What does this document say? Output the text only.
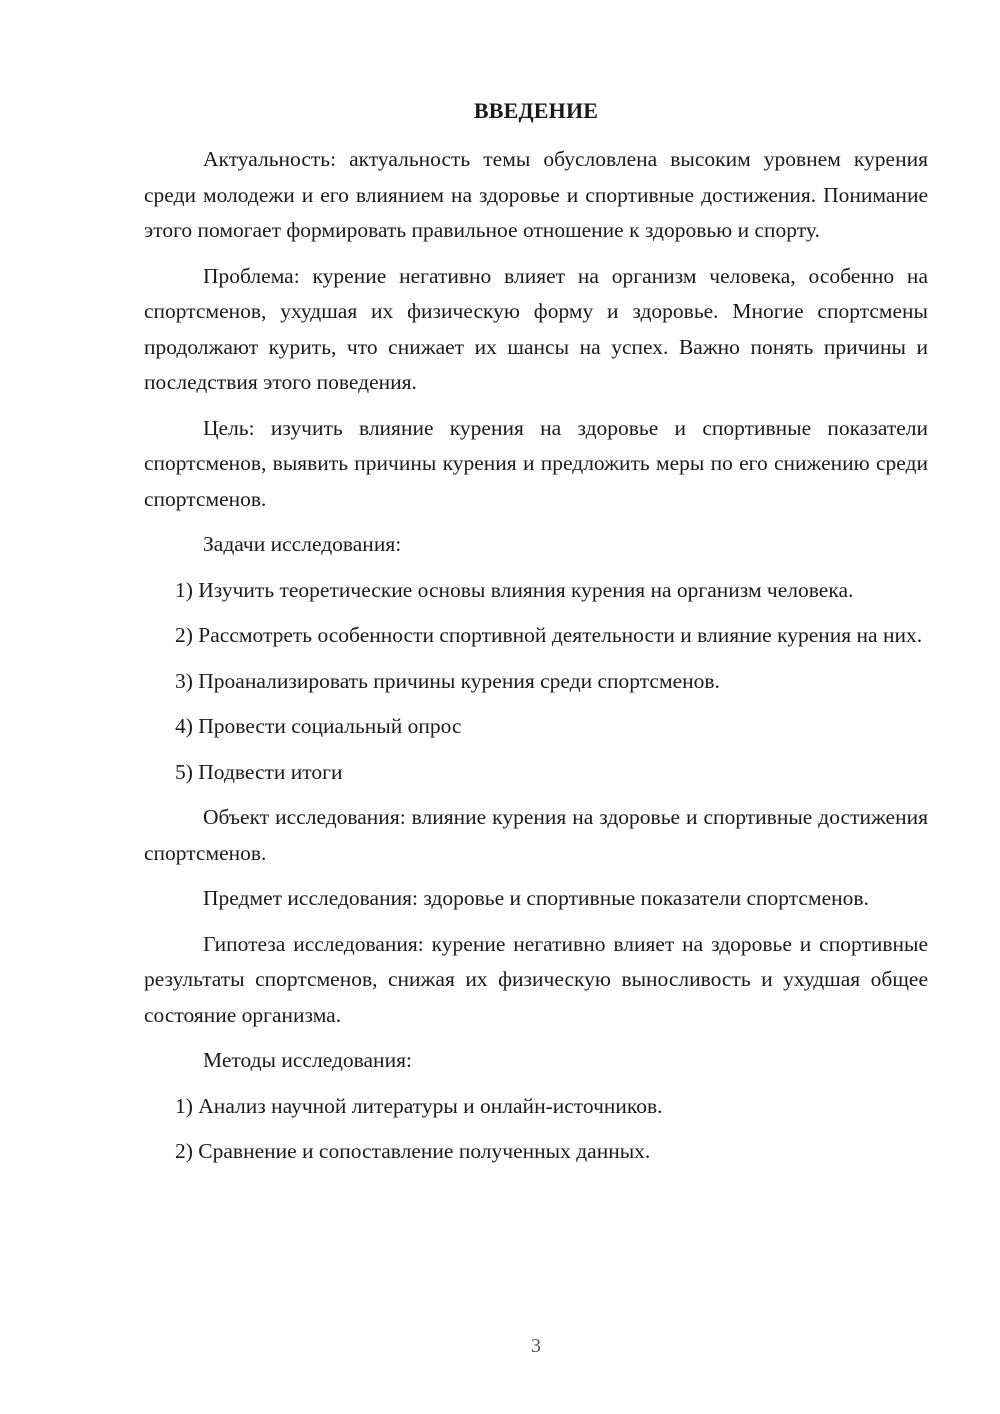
ВВЕДЕНИЕ

Актуальность: актуальность темы обусловлена высоким уровнем курения среди молодежи и его влиянием на здоровье и спортивные достижения. Понимание этого помогает формировать правильное отношение к здоровью и спорту.

Проблема: курение негативно влияет на организм человека, особенно на спортсменов, ухудшая их физическую форму и здоровье. Многие спортсмены продолжают курить, что снижает их шансы на успех. Важно понять причины и последствия этого поведения.

Цель: изучить влияние курения на здоровье и спортивные показатели спортсменов, выявить причины курения и предложить меры по его снижению среди спортсменов.

Задачи исследования:

1) Изучить теоретические основы влияния курения на организм человека.

2) Рассмотреть особенности спортивной деятельности и влияние курения на них.

3) Проанализировать причины курения среди спортсменов.

4) Провести социальный опрос

5) Подвести итоги

Объект исследования: влияние курения на здоровье и спортивные достижения спортсменов.

Предмет исследования: здоровье и спортивные показатели спортсменов.

Гипотеза исследования: курение негативно влияет на здоровье и спортивные результаты спортсменов, снижая их физическую выносливость и ухудшая общее состояние организма.

Методы исследования:

1) Анализ научной литературы и онлайн-источников.

2) Сравнение и сопоставление полученных данных.

3
